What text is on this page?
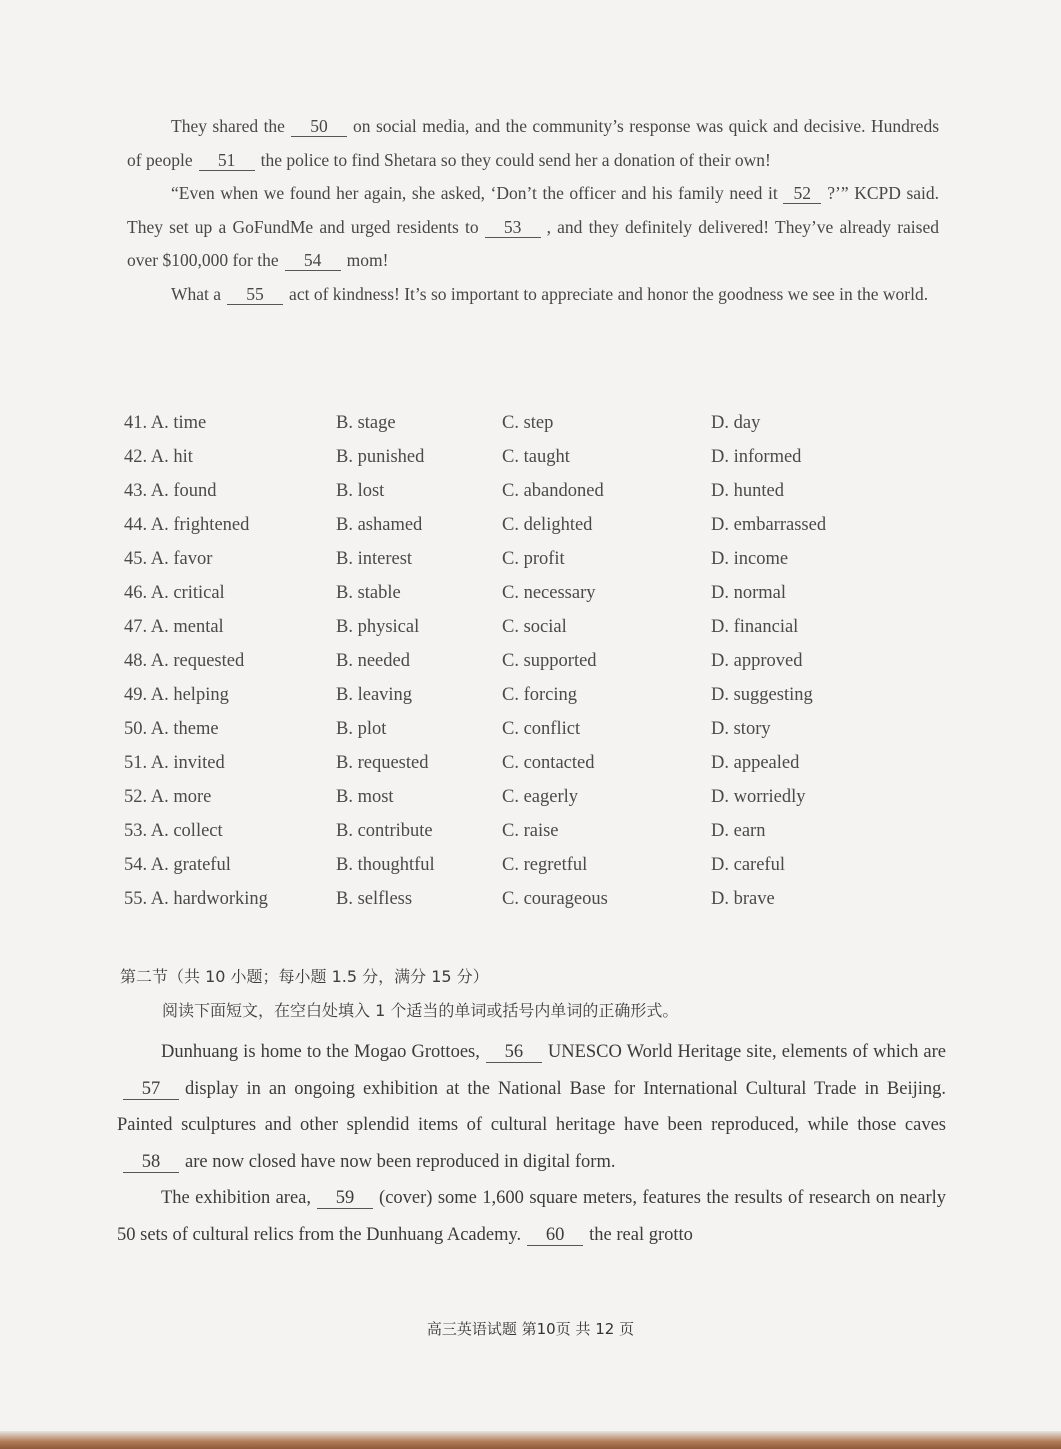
They shared the 50 on social media, and the community’s response was quick and decisive. Hundreds of people 51 the police to find Shetara so they could send her a donation of their own!

“Even when we found her again, she asked, ‘Don’t the officer and his family need it 52 ?’” KCPD said. They set up a GoFundMe and urged residents to 53 , and they definitely delivered! They’ve already raised over $100,000 for the 54 mom!

What a 55 act of kindness! It’s so important to appreciate and honor the goodness we see in the world.

41. A. time	B. stage	C. step	D. day
42. A. hit	B. punished	C. taught	D. informed
43. A. found	B. lost	C. abandoned	D. hunted
44. A. frightened	B. ashamed	C. delighted	D. embarrassed
45. A. favor	B. interest	C. profit	D. income
46. A. critical	B. stable	C. necessary	D. normal
47. A. mental	B. physical	C. social	D. financial
48. A. requested	B. needed	C. supported	D. approved
49. A. helping	B. leaving	C. forcing	D. suggesting
50. A. theme	B. plot	C. conflict	D. story
51. A. invited	B. requested	C. contacted	D. appealed
52. A. more	B. most	C. eagerly	D. worriedly
53. A. collect	B. contribute	C. raise	D. earn
54. A. grateful	B. thoughtful	C. regretful	D. careful
55. A. hardworking	B. selfless	C. courageous	D. brave
第二节（共 10 小题；每小题 1.5 分，满分 15 分）
阅读下面短文，在空白处填入 1 个适当的单词或括号内单词的正确形式。

Dunhuang is home to the Mogao Grottoes, 56 UNESCO World Heritage site, elements of which are57 display in an ongoing exhibition at the National Base for International Cultural Trade in Beijing. Painted sculptures and other splendid items of cultural heritage have been reproduced, while those caves58 are now closed have now been reproduced in digital form.

The exhibition area, 59 (cover) some 1,600 square meters, features the results of research on nearly 50 sets of cultural relics from the Dunhuang Academy. 60 the real grotto

高三英语试题 第10页 共 12 页
